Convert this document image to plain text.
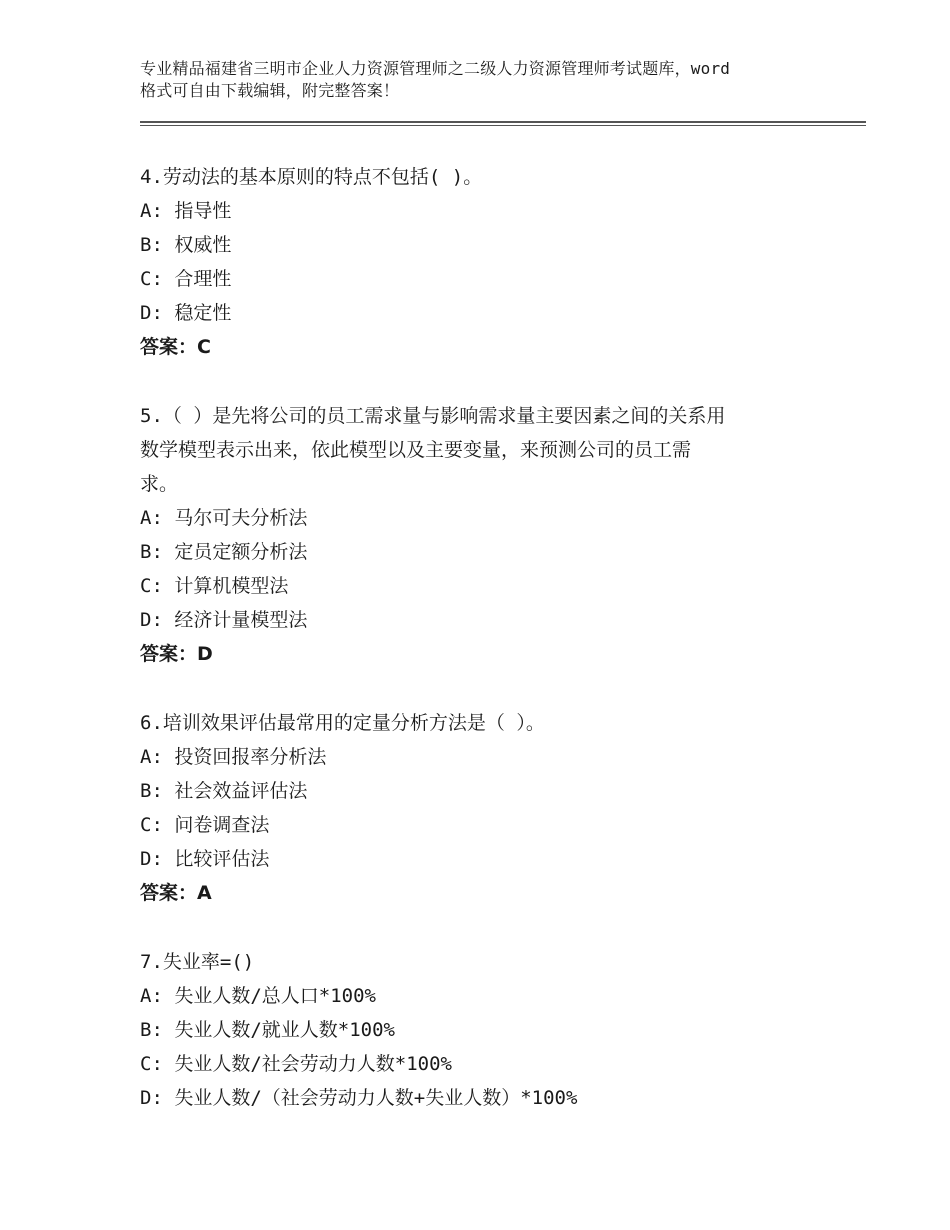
专业精品福建省三明市企业人力资源管理师之二级人力资源管理师考试题库，word
格式可自由下载编辑，附完整答案！
4.劳动法的基本原则的特点不包括( )。
A: 指导性
B: 权威性
C: 合理性
D: 稳定性
答案：C
5.（ ）是先将公司的员工需求量与影响需求量主要因素之间的关系用
数学模型表示出来，依此模型以及主要变量，来预测公司的员工需
求。
A: 马尔可夫分析法
B: 定员定额分析法
C: 计算机模型法
D: 经济计量模型法
答案：D
6.培训效果评估最常用的定量分析方法是（ ）。
A: 投资回报率分析法
B: 社会效益评估法
C: 问卷调查法
D: 比较评估法
答案：A
7.失业率=()
A: 失业人数/总人口*100%
B: 失业人数/就业人数*100%
C: 失业人数/社会劳动力人数*100%
D: 失业人数/（社会劳动力人数+失业人数）*100%
